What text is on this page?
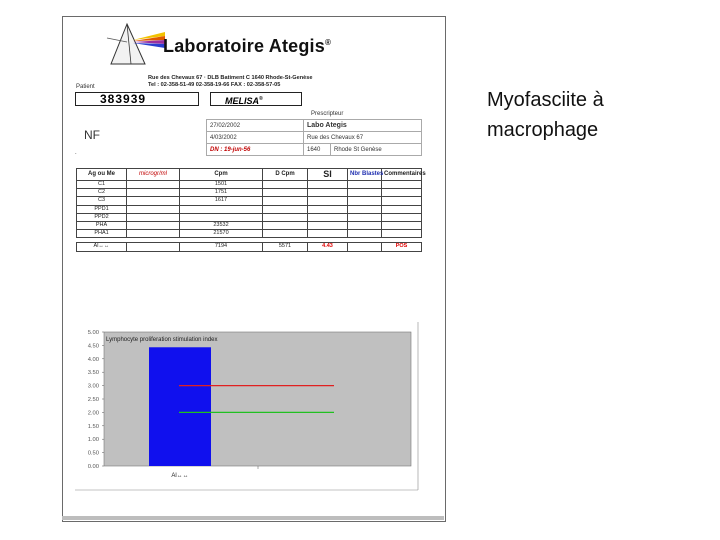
Laboratoire Ategis®
Rue des Chevaux 67 · DLB Batiment C 1640 Rhode-St-Genèse
Tel : 02-358-51-49 02-358-19-66 FAX : 02-358-57-05
Patient
383939	MELISA®
NF
.
Prescripteur
27/02/2002	Labo Ategis	
4/03/2002	Rue des Chevaux 67	
DN : 19-jun-56	1640	Rhode St Genèse
Ag ou Me	microgr/ml	Cpm	D Cpm	SI	Nbr Blastes	Commentaires
C1		1501				
C2		1751				
C3		1617				
PPD1						
PPD2						
PHA		23532				
PHA1		21570				

Al↔↔		7194	5571	4.43		POS
0.00
0.50
1.00
1.50
2.00
2.50
3.00
3.50
4.00
4.50
5.00
Lymphocyte proliferation stimulation index
Al↔↔
Myofasciite à
macrophage
